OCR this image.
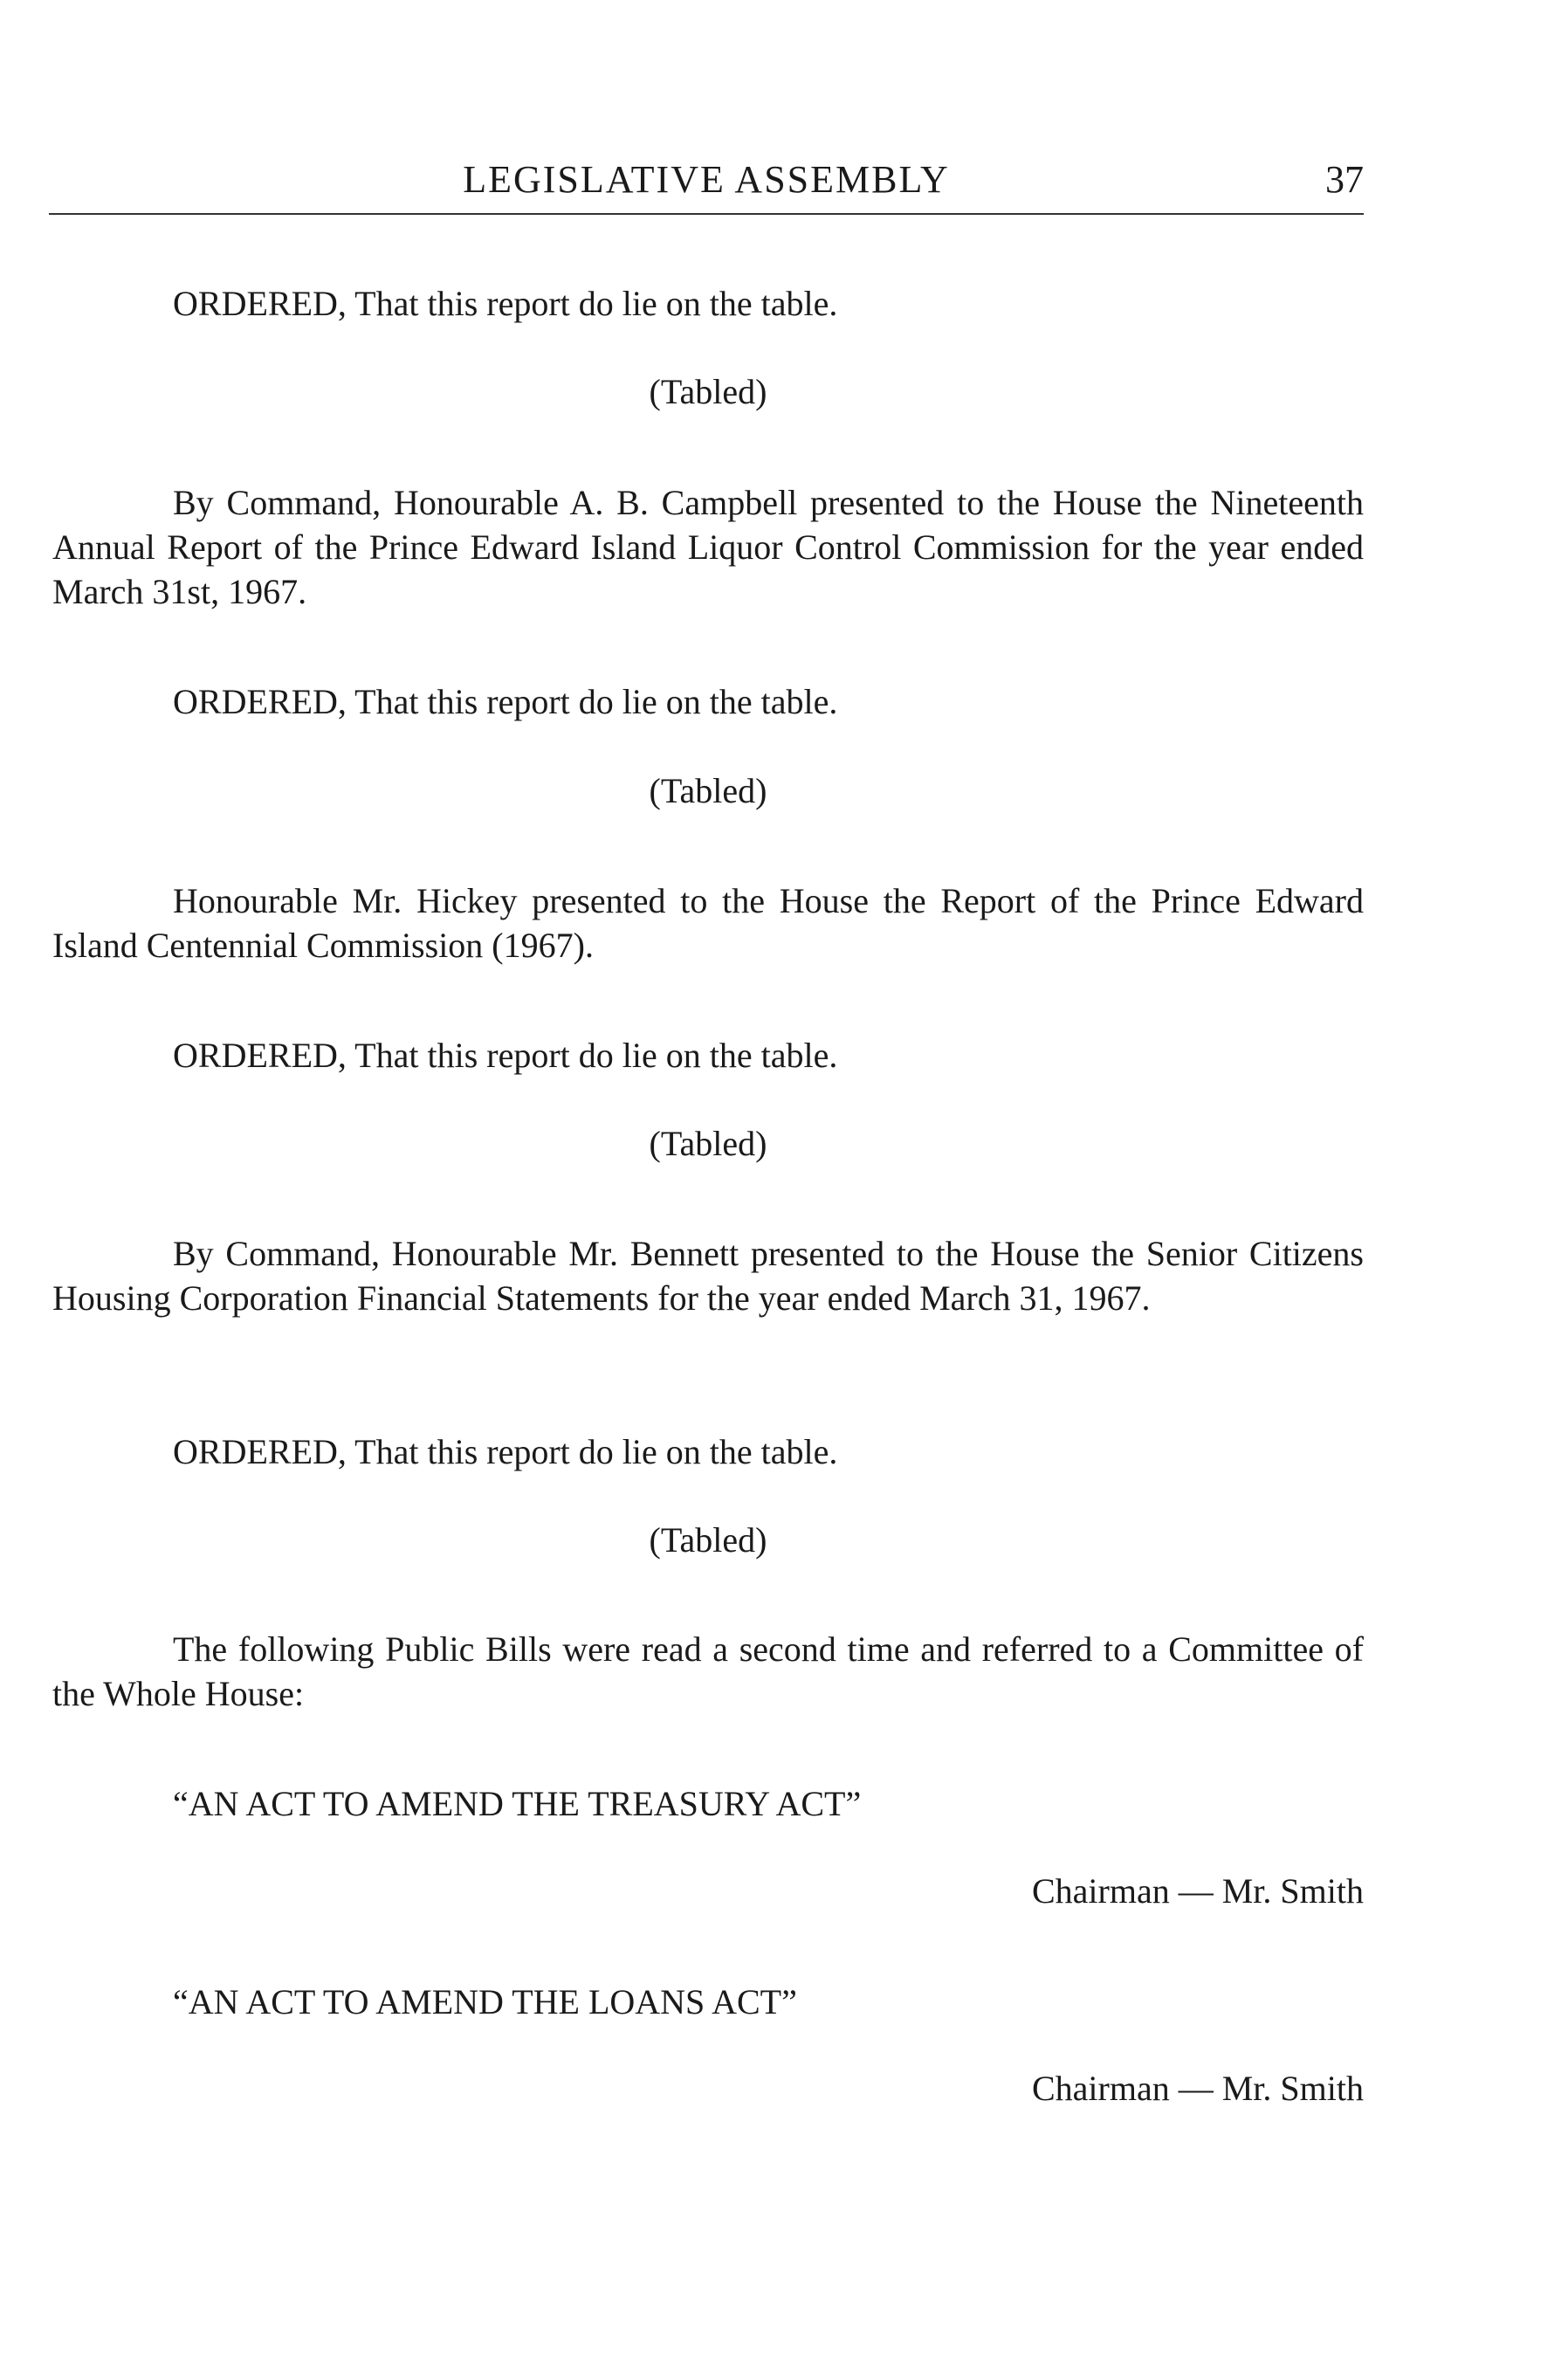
LEGISLATIVE ASSEMBLY	37

ORDERED, That this report do lie on the table.

(Tabled)

By Command, Honourable A. B. Campbell presented to the House the Nineteenth Annual Report of the Prince Edward Island Liquor Control Commission for the year ended March 31st, 1967.

ORDERED, That this report do lie on the table.

(Tabled)

Honourable Mr. Hickey presented to the House the Report of the Prince Edward Island Centennial Commission (1967).

ORDERED, That this report do lie on the table.

(Tabled)

By Command, Honourable Mr. Bennett presented to the House the Senior Citizens Housing Corporation Financial Statements for the year ended March 31, 1967.

ORDERED, That this report do lie on the table.

(Tabled)

The following Public Bills were read a second time and referred to a Committee of the Whole House:

“AN ACT TO AMEND THE TREASURY ACT”

Chairman — Mr. Smith

“AN ACT TO AMEND THE LOANS ACT”

Chairman — Mr. Smith
